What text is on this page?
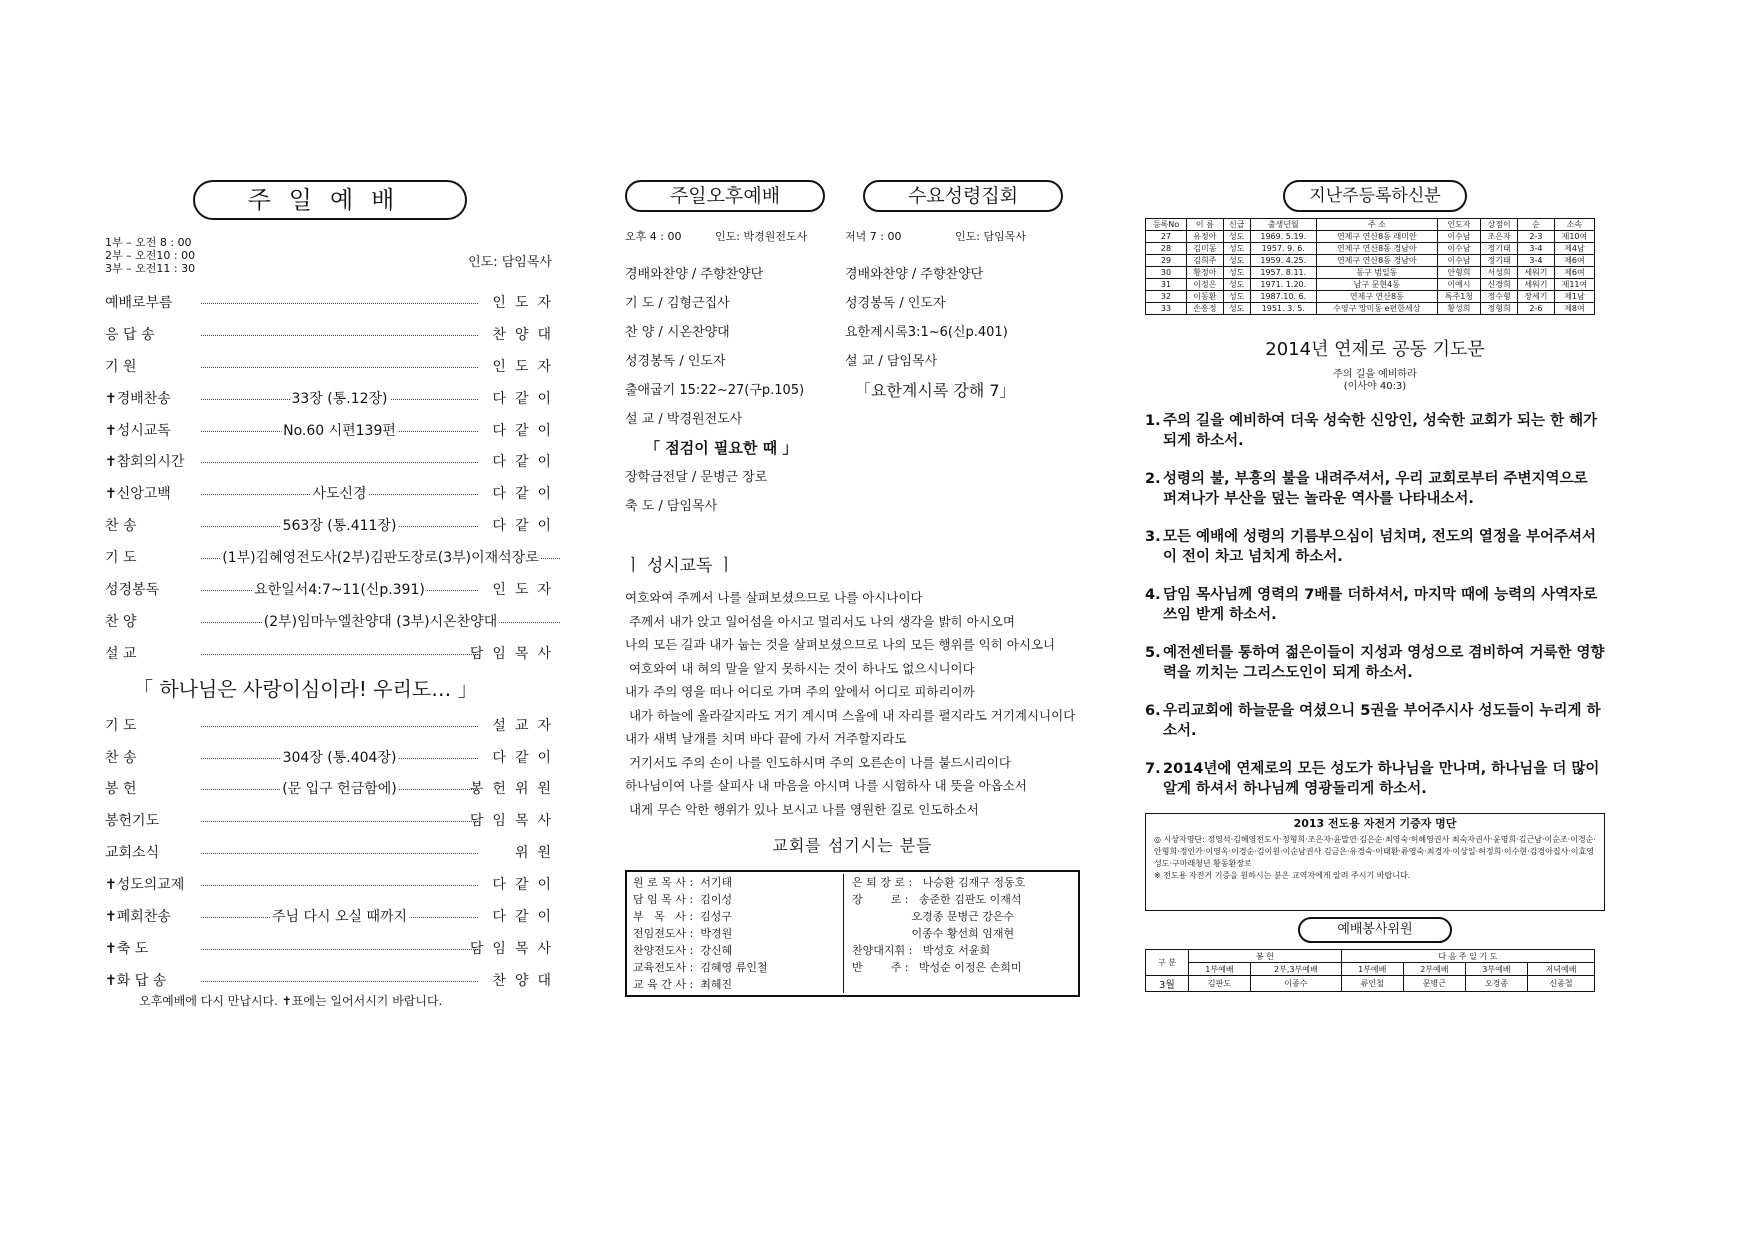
주일예배
1부 – 오전 8 : 00
2부 – 오전10 : 00
3부 – 오전11 : 30	인도: 담임목사
예배로부름	인도자
응 답 송	찬양대
기 원	인도자
✝경배찬송	33장 (통.12장)	다같이
✝성시교독	No.60 시편139편	다같이
✝참회의시간	다같이
✝신앙고백	사도신경	다같이
찬 송	563장 (통.411장)	다같이
기 도	(1부)김혜영전도사(2부)김판도장로(3부)이재석장로
성경봉독	요한일서4:7~11(신p.391)	인도자
찬 양	(2부)임마누엘찬양대 (3부)시온찬양대
설 교	담임목사
「 하나님은 사랑이심이라! 우리도… 」
기 도	설교자
찬 송	304장 (통.404장)	다같이
봉 헌	(문 입구 헌금함에)	봉헌위원
봉헌기도	담임목사
교회소식	위원
✝성도의교제	다같이
✝폐회찬송	주님 다시 오실 때까지	다같이
✝축 도	담임목사
✝화 답 송	찬양대
오후예배에 다시 만납시다. ✝표에는 일어서시기 바랍니다.
주일오후예배	수요성령집회
오후 4 : 00	인도: 박경원전도사
경배와찬양 / 주향찬양단
기 도 / 김형근집사
찬 양 / 시온찬양대
성경봉독 / 인도자
출애굽기 15:22~27(구p.105)
설 교 / 박경원전도사
「 점검이 필요한 때 」
장학금전달 / 문병근 장로
축 도 / 담임목사
저녁 7 : 00	인도: 담임목사
경배와찬양 / 주향찬양단
성경봉독 / 인도자
요한계시록3:1~6(신p.401)
설 교 / 담임목사
「요한계시록 강해 7」
ㅣ 성시교독 ㅣ
여호와여 주께서 나를 살펴보셨으므로 나를 아시나이다
주께서 내가 앉고 일어섬을 아시고 멀리서도 나의 생각을 밝히 아시오며
나의 모든 길과 내가 눕는 것을 살펴보셨으므로 나의 모든 행위를 익히 아시오니
여호와여 내 혀의 말을 알지 못하시는 것이 하나도 없으시니이다
내가 주의 영을 떠나 어디로 가며 주의 앞에서 어디로 피하리이까
내가 하늘에 올라갈지라도 거기 계시며 스올에 내 자리를 펼지라도 거기계시니이다
내가 새벽 날개를 치며 바다 끝에 가서 거주할지라도
거기서도 주의 손이 나를 인도하시며 주의 오른손이 나를 붙드시리이다
하나님이여 나를 살피사 내 마음을 아시며 나를 시험하사 내 뜻을 아옵소서
내게 무슨 악한 행위가 있나 보시고 나를 영원한 길로 인도하소서
교회를 섬기시는 분들
원 로 목 사 :  서기태
담 임 목 사 :  김이성
부   목   사 :  김성구
전임전도사 :  박경원
찬양전도사 :  강신혜
교육전도사 :  김혜영 류인철
교 육 간 사 :  최혜진
은 퇴 장 로 :   나승환 김재구 정동호
장        로 :   송준한 김판도 이재석
오경종 문병근 강은수
이종수 황선희 임재현
찬양대지휘 :   박성호 서윤희
반        주 :   박성순 이정은 손희미
지난주등록하신분
등록No	이 름	신급	출생년월	주 소	인도자	상점이	순	소속
27	유정아	성도	1969. 5.19.	연제구 연산8동 래미안	이수남	조은자	2-3	제10여
28	김미동	성도	1957. 9. 6.	연제구 연산8동 경남아	이수남	정기태	3-4	제4남
29	김희주	성도	1959. 4.25.	연제구 연산8동 경남아	이수남	정기태	3-4	제6여
30	황정아	성도	1957. 8.11.	동구 범일동	안형희	서성희	세워기	제6여
31	이정은	성도	1971. 1.20.	남구 문현4동	이예시	신경희	세워기	제11여
32	이동환	성도	1987.10. 6.	연제구 연산8동	특주1청	정수형	장세기	제1남
33	손흥정	성도	1951. 3. 5.	수영구 망미동 e편한세상	황성희	정형희	2-6	제8여
2014년 연제로 공동 기도문
주의 길을 예비하라
(이사야 40:3)
1. 주의 길을 예비하여 더욱 성숙한 신앙인, 성숙한 교회가 되는 한 해가 되게 하소서.
2. 성령의 불, 부흥의 불을 내려주셔서, 우리 교회로부터 주변지역으로 퍼져나가 부산을 덮는 놀라운 역사를 나타내소서.
3. 모든 예배에 성령의 기름부으심이 넘치며, 전도의 열정을 부어주셔서 이 전이 차고 넘치게 하소서.
4. 담임 목사님께 영력의 7배를 더하셔서, 마지막 때에 능력의 사역자로 쓰임 받게 하소서.
5. 예전센터를 통하여 젊은이들이 지성과 영성으로 겸비하여 거룩한 영향력을 끼치는 그리스도인이 되게 하소서.
6. 우리교회에 하늘문을 여셨으니 5권을 부어주시사 성도들이 누리게 하소서.
7. 2014년에 연제로의 모든 성도가 하나님을 만나며, 하나님을 더 많이 알게 하셔서 하나님께 영광돌리게 하소서.
2013 전도용 자전거 기증자 명단
◎ 시상자명단: 정영석·김혜영전도사·정형희·조은자·윤말연·김은순·최영숙·허혜영권사 최숙자권사·윤명희·김근남·이순조·이경순·안형희·정인가·이영옥·이경순·김이원·이순남권사 김금은·유경숙·이태환·류영숙·최경자·이상일·허정희·이수현·김경아집사·이효영성도·구마래청년 황동환장로
※ 전도용 자전거 기증을 원하시는 분은 교역자에게 알려 주시기 바랍니다.
예배봉사위원
구 분	봉 헌		다 음 주 일 기 도			
	1부예배	2부,3부예배	1부예배	2부예배	3부예배	저녁예배
3월	김판도	이종수	류인철	문병근	오경종	신종철
